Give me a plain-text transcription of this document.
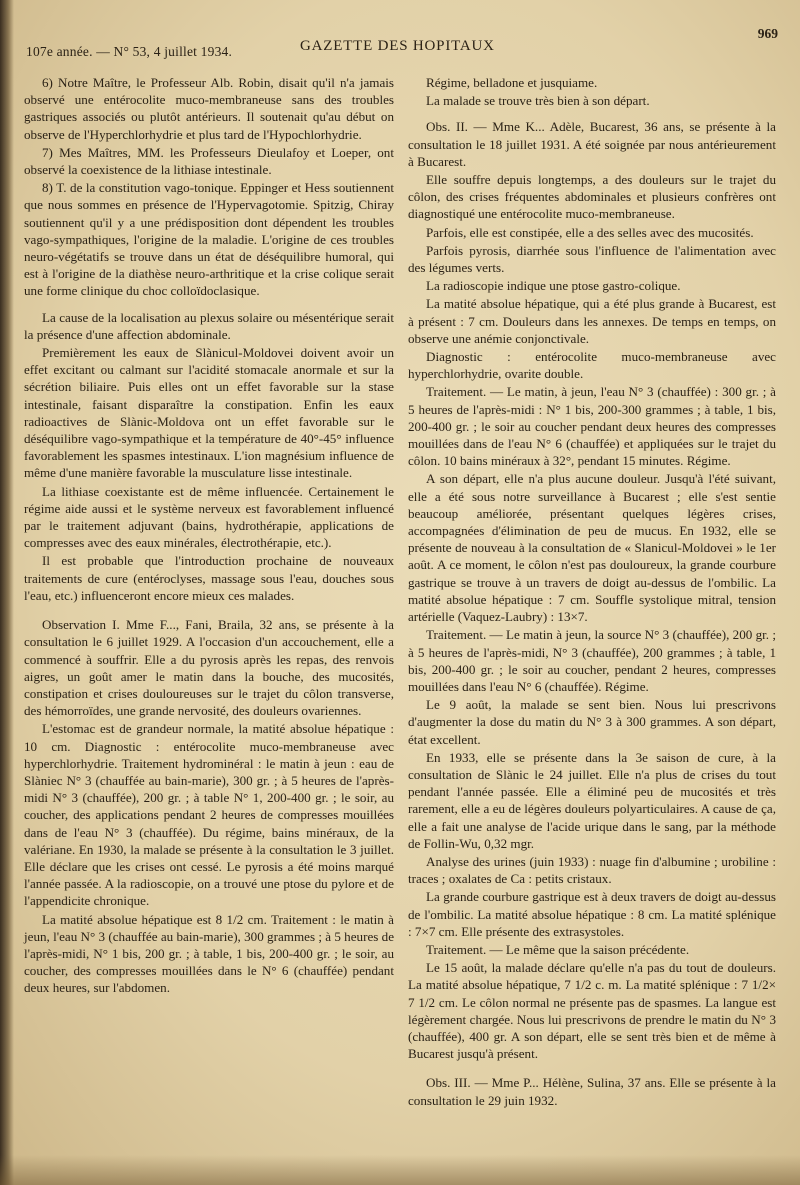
107e année. — N° 53, 4 juillet 1934.	GAZETTE DES HOPITAUX
969

6) Notre Maître, le Professeur Alb. Robin, disait qu'il n'a jamais observé une entérocolite muco-membraneuse sans des troubles gastriques associés ou plutôt antérieurs. Il soutenait qu'au début on observe de l'Hyperchlorhydrie et plus tard de l'Hypochlorhydrie.

7) Mes Maîtres, MM. les Professeurs Dieulafoy et Loeper, ont observé la coexistence de la lithiase intestinale.

8) T. de la constitution vago-tonique. Eppinger et Hess soutiennent que nous sommes en présence de l'Hypervagotomie. Spitzig, Chiray soutiennent qu'il y a une prédisposition dont dépendent les troubles vago-sympathiques, l'origine de la maladie. L'origine de ces troubles neuro-végétatifs se trouve dans un état de déséquilibre humoral, qui est à l'origine de la diathèse neuro-arthritique et la crise colique serait une forme clinique du choc colloïdoclasique.

La cause de la localisation au plexus solaire ou mésentérique serait la présence d'une affection abdominale.

Premièrement les eaux de Slànicul-Moldovei doivent avoir un effet excitant ou calmant sur l'acidité stomacale anormale et sur la sécrétion biliaire. Puis elles ont un effet favorable sur la stase intestinale, faisant disparaître la constipation. Enfin les eaux radioactives de Slànic-Moldova ont un effet favorable sur le déséquilibre vago-sympathique et la température de 40°-45° influence favorablement les spasmes intestinaux. L'ion magnésium influence de même d'une manière favorable la musculature lisse intestinale.

La lithiase coexistante est de même influencée. Certainement le régime aide aussi et le système nerveux est favorablement influencé par le traitement adjuvant (bains, hydrothérapie, applications de compresses avec des eaux minérales, électrothérapie, etc.).

Il est probable que l'introduction prochaine de nouveaux traitements de cure (entéroclyses, massage sous l'eau, douches sous l'eau, etc.) influenceront encore mieux ces malades.

Observation I. Mme F..., Fani, Braila, 32 ans, se présente à la consultation le 6 juillet 1929. A l'occasion d'un accouchement, elle a commencé à souffrir. Elle a du pyrosis après les repas, des renvois aigres, un goût amer le matin dans la bouche, des mucosités, constipation et crises douloureuses sur le trajet du côlon transverse, des hémorroïdes, une grande nervosité, des douleurs ovariennes.

L'estomac est de grandeur normale, la matité absolue hépatique : 10 cm. Diagnostic : entérocolite muco-membraneuse avec hyperchlorhydrie. Traitement hydrominéral : le matin à jeun : eau de Slàniec N° 3 (chauffée au bain-marie), 300 gr. ; à 5 heures de l'après-midi N° 3 (chauffée), 200 gr. ; à table N° 1, 200-400 gr. ; le soir, au coucher, des applications pendant 2 heures de compresses mouillées dans de l'eau N° 3 (chauffée). Du régime, bains minéraux, de la valériane. En 1930, la malade se présente à la consultation le 3 juillet. Elle déclare que les crises ont cessé. Le pyrosis a été moins marqué l'année passée. A la radioscopie, on a trouvé une ptose du pylore et de l'appendicite chronique.

La matité absolue hépatique est 8 1/2 cm. Traitement : le matin à jeun, l'eau N° 3 (chauffée au bain-marie), 300 grammes ; à 5 heures de l'après-midi, N° 1 bis, 200 gr. ; à table, 1 bis, 200-400 gr. ; le soir, au coucher, des compresses mouillées dans le N° 6 (chauffée) pendant deux heures, sur l'abdomen.

Régime, belladone et jusquiame.

La malade se trouve très bien à son départ.

Obs. II. — Mme K... Adèle, Bucarest, 36 ans, se présente à la consultation le 18 juillet 1931. A été soignée par nous antérieurement à Bucarest.

Elle souffre depuis longtemps, a des douleurs sur le trajet du côlon, des crises fréquentes abdominales et plusieurs confrères ont diagnostiqué une entérocolite muco-membraneuse.

Parfois, elle est constipée, elle a des selles avec des mucosités.

Parfois pyrosis, diarrhée sous l'influence de l'alimentation avec des légumes verts.

La radioscopie indique une ptose gastro-colique.

La matité absolue hépatique, qui a été plus grande à Bucarest, est à présent : 7 cm. Douleurs dans les annexes. De temps en temps, on observe une anémie conjonctivale.

Diagnostic : entérocolite muco-membraneuse avec hyperchlorhydrie, ovarite double.

Traitement. — Le matin, à jeun, l'eau N° 3 (chauffée) : 300 gr. ; à 5 heures de l'après-midi : N° 1 bis, 200-300 grammes ; à table, 1 bis, 200-400 gr. ; le soir au coucher pendant deux heures des compresses mouillées dans de l'eau N° 6 (chauffée) et appliquées sur le trajet du côlon. 10 bains minéraux à 32°, pendant 15 minutes. Régime.

A son départ, elle n'a plus aucune douleur. Jusqu'à l'été suivant, elle a été sous notre surveillance à Bucarest ; elle s'est sentie beaucoup améliorée, présentant quelques légères crises, accompagnées d'élimination de peu de mucus. En 1932, elle se présente de nouveau à la consultation de « Slanicul-Moldovei » le 1er août. A ce moment, le côlon n'est pas douloureux, la grande courbure gastrique se trouve à un travers de doigt au-dessus de l'ombilic. La matité absolue hépatique : 7 cm. Souffle systolique mitral, tension artérielle (Vaquez-Laubry) : 13×7.

Traitement. — Le matin à jeun, la source N° 3 (chauffée), 200 gr. ; à 5 heures de l'après-midi, N° 3 (chauffée), 200 grammes ; à table, 1 bis, 200-400 gr. ; le soir au coucher, pendant 2 heures, compresses mouillées dans l'eau N° 6 (chauffée). Régime.

Le 9 août, la malade se sent bien. Nous lui prescrivons d'augmenter la dose du matin du N° 3 à 300 grammes. A son départ, état excellent.

En 1933, elle se présente dans la 3e saison de cure, à la consultation de Slànic le 24 juillet. Elle n'a plus de crises du tout pendant l'année passée. Elle a éliminé peu de mucosités et très rarement, elle a eu de légères douleurs polyarticulaires. A cause de ça, elle a fait une analyse de l'acide urique dans le sang, par la méthode de Follin-Wu, 0,32 mgr.

Analyse des urines (juin 1933) : nuage fin d'albumine ; urobiline : traces ; oxalates de Ca : petits cristaux.

La grande courbure gastrique est à deux travers de doigt au-dessus de l'ombilic. La matité absolue hépatique : 8 cm. La matité splénique : 7×7 cm. Elle présente des extrasystoles.

Traitement. — Le même que la saison précédente.

Le 15 août, la malade déclare qu'elle n'a pas du tout de douleurs. La matité absolue hépatique, 7 1/2 c. m. La matité splénique : 7 1/2× 7 1/2 cm. Le côlon normal ne présente pas de spasmes. La langue est légèrement chargée. Nous lui prescrivons de prendre le matin du N° 3 (chauffée), 400 gr. A son départ, elle se sent très bien et de même à Bucarest jusqu'à présent.

Obs. III. — Mme P... Hélène, Sulina, 37 ans. Elle se présente à la consultation le 29 juin 1932.
